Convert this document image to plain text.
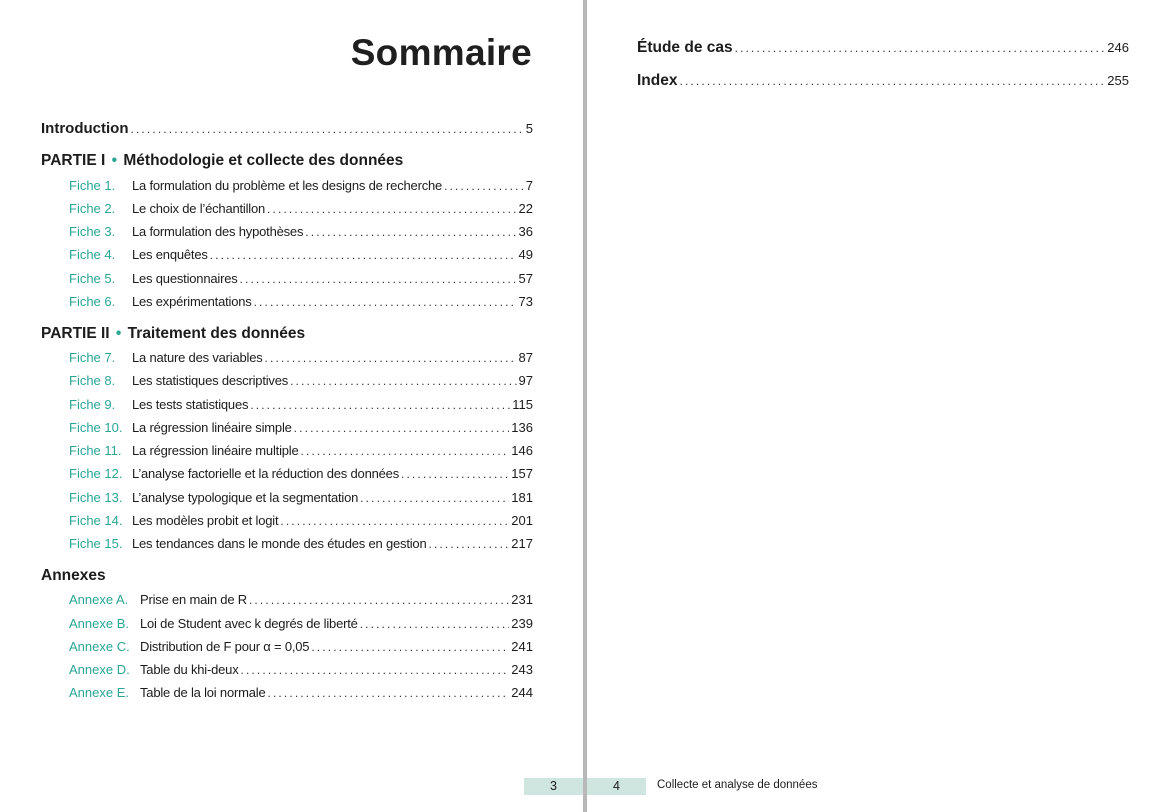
Sommaire
Introduction . . .	5
PARTIE I • Méthodologie et collecte des données
Fiche 1.	La formulation du problème et les designs de recherche . . .	7
Fiche 2.	Le choix de l’échantillon . . .	22
Fiche 3.	La formulation des hypothèses . . .	36
Fiche 4.	Les enquêtes . . .	49
Fiche 5.	Les questionnaires . . .	57
Fiche 6.	Les expérimentations . . .	73
PARTIE II • Traitement des données
Fiche 7.	La nature des variables . . .	87
Fiche 8.	Les statistiques descriptives . . .	97
Fiche 9.	Les tests statistiques . . .	115
Fiche 10. La régression linéaire simple . . .	136
Fiche 11. La régression linéaire multiple . . .	146
Fiche 12. L’analyse factorielle et la réduction des données . . .	157
Fiche 13. L’analyse typologique et la segmentation . . .	181
Fiche 14. Les modèles probit et logit . . .	201
Fiche 15. Les tendances dans le monde des études en gestion . . .	217
Annexes
Annexe A. Prise en main de R . . .	231
Annexe B. Loi de Student avec k degrés de liberté . . .	239
Annexe C. Distribution de F pour α = 0,05 . . .	241
Annexe D. Table du khi-deux . . .	243
Annexe E. Table de la loi normale . . .	244
3
Étude de cas . . .	246
Index . . .	255
4	Collecte et analyse de données
